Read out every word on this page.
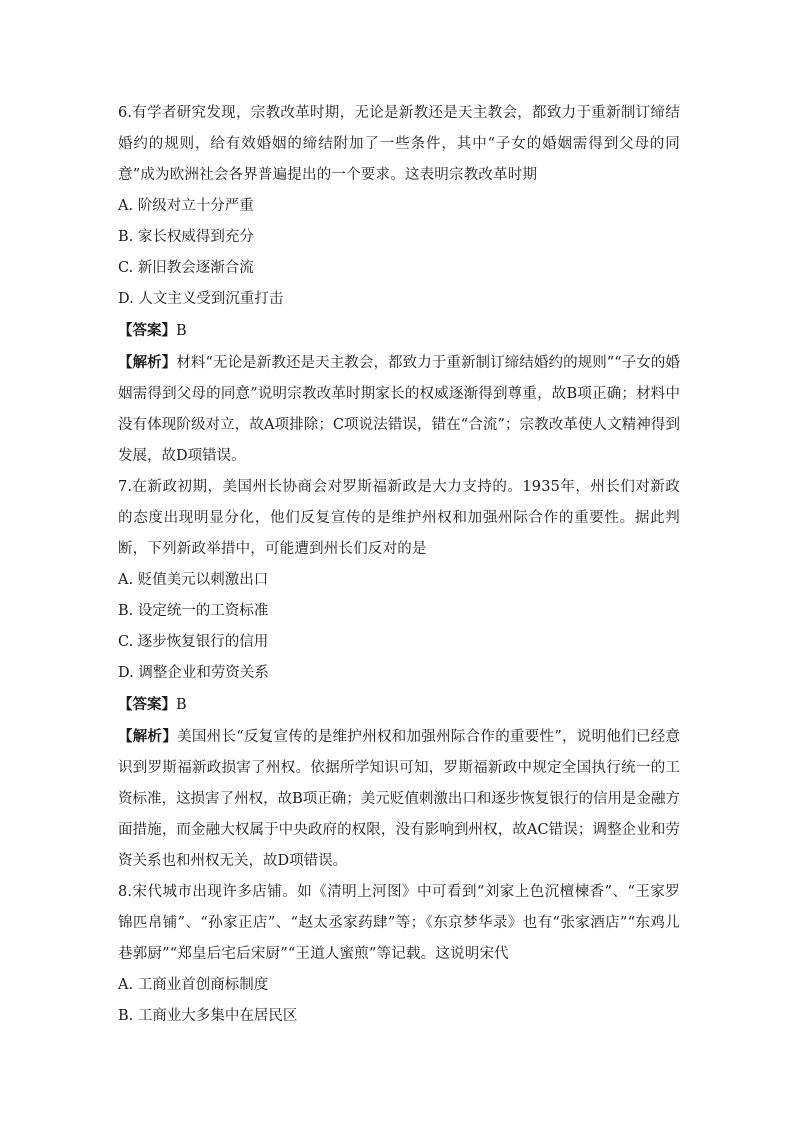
6.有学者研究发现，宗教改革时期，无论是新教还是天主教会，都致力于重新制订缔结婚约的规则，给有效婚姻的缔结附加了一些条件，其中“子女的婚姻需得到父母的同意”成为欧洲社会各界普遍提出的一个要求。这表明宗教改革时期

A. 阶级对立十分严重

B. 家长权威得到充分

C. 新旧教会逐渐合流

D. 人文主义受到沉重打击

【答案】B

【解析】材料“无论是新教还是天主教会，都致力于重新制订缔结婚约的规则”“子女的婚姻需得到父母的同意”说明宗教改革时期家长的权威逐渐得到尊重，故B项正确；材料中没有体现阶级对立，故A项排除；C项说法错误，错在“合流”；宗教改革使人文精神得到发展，故D项错误。

7.在新政初期，美国州长协商会对罗斯福新政是大力支持的。1935年，州长们对新政的态度出现明显分化，他们反复宣传的是维护州权和加强州际合作的重要性。据此判断，下列新政举措中，可能遭到州长们反对的是

A. 贬值美元以刺激出口

B. 设定统一的工资标准

C. 逐步恢复银行的信用

D. 调整企业和劳资关系

【答案】B

【解析】美国州长“反复宣传的是维护州权和加强州际合作的重要性”，说明他们已经意识到罗斯福新政损害了州权。依据所学知识可知，罗斯福新政中规定全国执行统一的工资标准，这损害了州权，故B项正确；美元贬值刺激出口和逐步恢复银行的信用是金融方面措施，而金融大权属于中央政府的权限，没有影响到州权，故AC错误；调整企业和劳资关系也和州权无关，故D项错误。

8.宋代城市出现许多店铺。如《清明上河图》中可看到“刘家上色沉檀楝香”、“王家罗锦匹帛铺”、“孙家正店”、“赵太丞家药肆”等；《东京梦华录》也有“张家酒店”“东鸡儿巷郭厨”“郑皇后宅后宋厨”“王道人蜜煎”等记载。这说明宋代

A. 工商业首创商标制度

B. 工商业大多集中在居民区
